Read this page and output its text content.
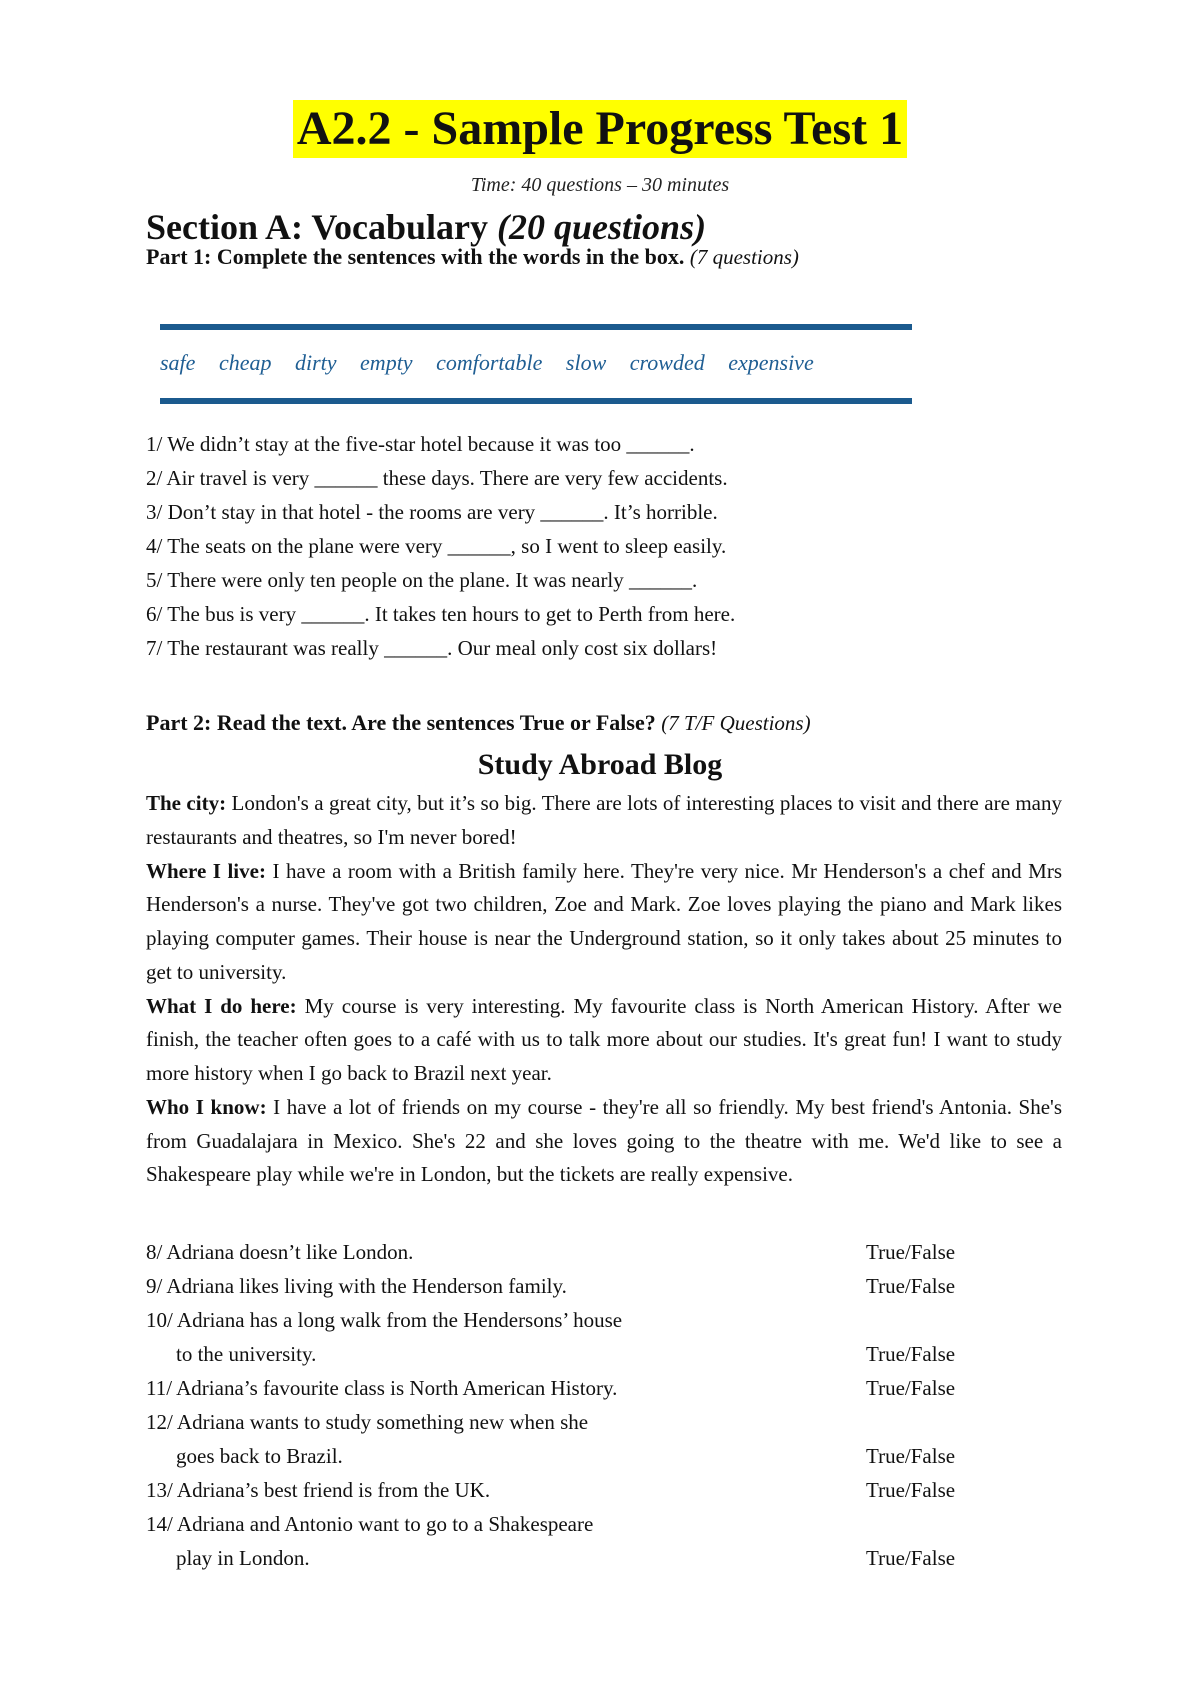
A2.2 - Sample Progress Test 1
Time: 40 questions – 30 minutes
Section A: Vocabulary (20 questions)
Part 1: Complete the sentences with the words in the box. (7 questions)
safe cheap dirty empty comfortable slow crowded expensive
1/ We didn’t stay at the five-star hotel because it was too ______.
2/ Air travel is very ______ these days. There are very few accidents.
3/ Don’t stay in that hotel - the rooms are very ______. It’s horrible.
4/ The seats on the plane were very ______, so I went to sleep easily.
5/ There were only ten people on the plane. It was nearly ______.
6/ The bus is very ______. It takes ten hours to get to Perth from here.
7/ The restaurant was really ______. Our meal only cost six dollars!
Part 2: Read the text. Are the sentences True or False? (7 T/F Questions)
Study Abroad Blog

The city: London's a great city, but it’s so big. There are lots of interesting places to visit and there are many restaurants and theatres, so I'm never bored!

Where I live: I have a room with a British family here. They're very nice. Mr Henderson's a chef and Mrs Henderson's a nurse. They've got two children, Zoe and Mark. Zoe loves playing the piano and Mark likes playing computer games. Their house is near the Underground station, so it only takes about 25 minutes to get to university.

What I do here: My course is very interesting. My favourite class is North American History. After we finish, the teacher often goes to a café with us to talk more about our studies. It's great fun! I want to study more history when I go back to Brazil next year.

Who I know: I have a lot of friends on my course - they're all so friendly. My best friend's Antonia. She's from Guadalajara in Mexico. She's 22 and she loves going to the theatre with me. We'd like to see a Shakespeare play while we're in London, but the tickets are really expensive.

8/ Adriana doesn’t like London.	True/False
9/ Adriana likes living with the Henderson family.	True/False
10/ Adriana has a long walk from the Hendersons’ house
to the university.	True/False
11/ Adriana’s favourite class is North American History.	True/False
12/ Adriana wants to study something new when she
goes back to Brazil.	True/False
13/ Adriana’s best friend is from the UK.	True/False
14/ Adriana and Antonio want to go to a Shakespeare
play in London.	True/False
